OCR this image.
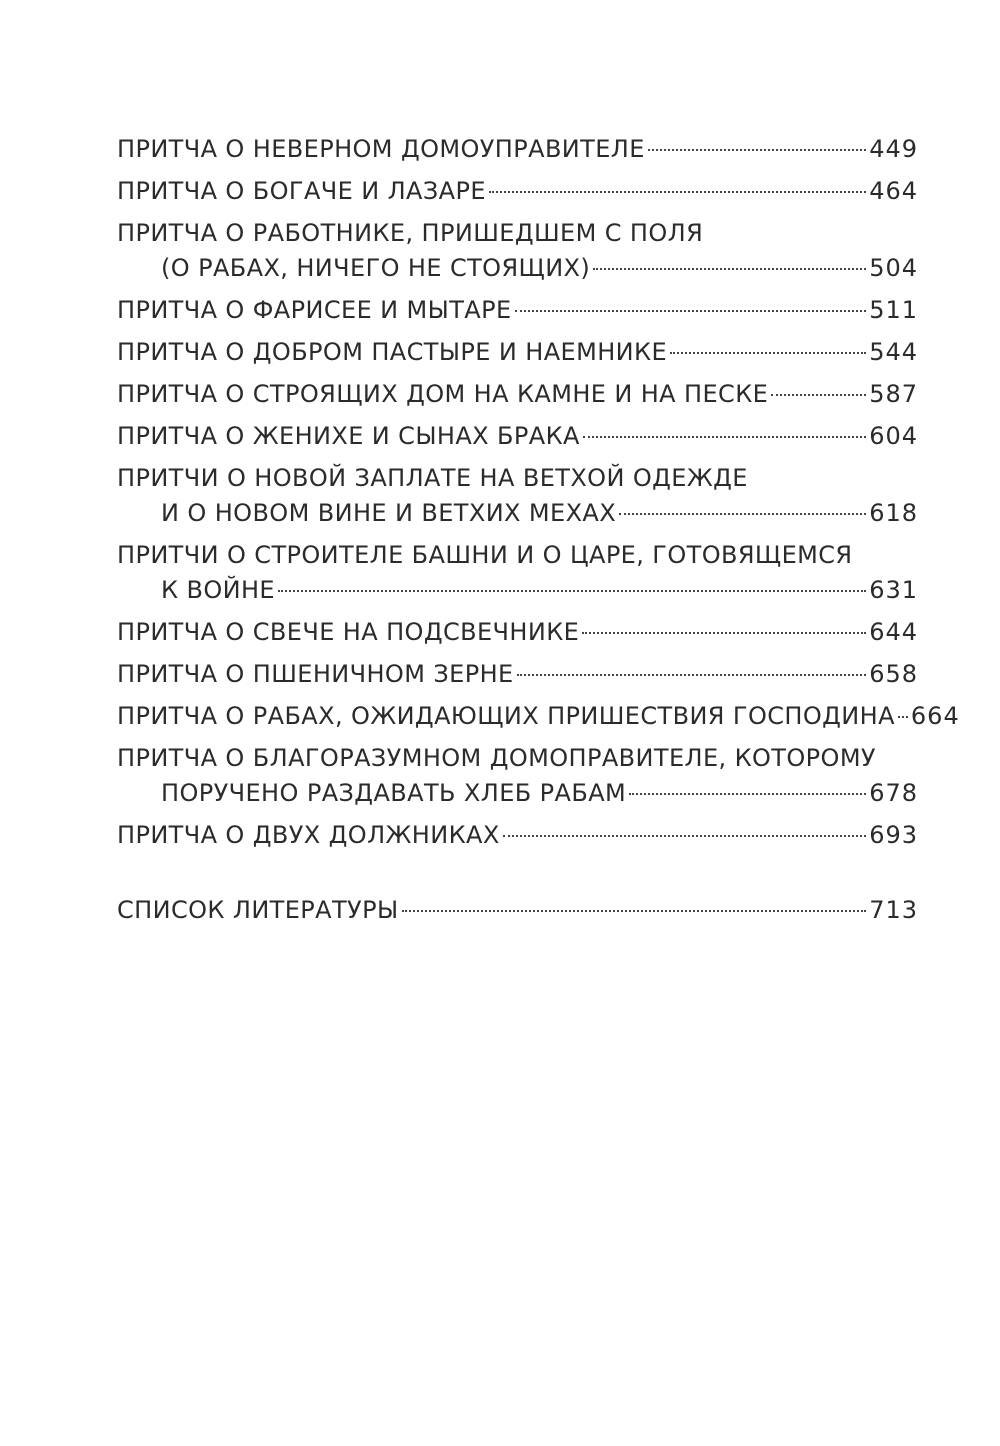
ПРИТЧА О НЕВЕРНОМ ДОМОУПРАВИТЕЛЕ	449
ПРИТЧА О БОГАЧЕ И ЛАЗАРЕ	464
ПРИТЧА О РАБОТНИКЕ, ПРИШЕДШЕМ С ПОЛЯ
(О РАБАХ, НИЧЕГО НЕ СТОЯЩИХ)	504
ПРИТЧА О ФАРИСЕЕ И МЫТАРЕ	511
ПРИТЧА О ДОБРОМ ПАСТЫРЕ И НАЕМНИКЕ	544
ПРИТЧА О СТРОЯЩИХ ДОМ НА КАМНЕ И НА ПЕСКЕ	587
ПРИТЧА О ЖЕНИХЕ И СЫНАХ БРАКА	604
ПРИТЧИ О НОВОЙ ЗАПЛАТЕ НА ВЕТХОЙ ОДЕЖДЕ
И О НОВОМ ВИНЕ И ВЕТХИХ МЕХАХ	618
ПРИТЧИ О СТРОИТЕЛЕ БАШНИ И О ЦАРЕ, ГОТОВЯЩЕМСЯ
К ВОЙНЕ	631
ПРИТЧА О СВЕЧЕ НА ПОДСВЕЧНИКЕ	644
ПРИТЧА О ПШЕНИЧНОМ ЗЕРНЕ	658
ПРИТЧА О РАБАХ, ОЖИДАЮЩИХ ПРИШЕСТВИЯ ГОСПОДИНА 664
ПРИТЧА О БЛАГОРАЗУМНОМ ДОМОПРАВИТЕЛЕ, КОТОРОМУ
ПОРУЧЕНО РАЗДАВАТЬ ХЛЕБ РАБАМ	678
ПРИТЧА О ДВУХ ДОЛЖНИКАХ	693
СПИСОК ЛИТЕРАТУРЫ	713
